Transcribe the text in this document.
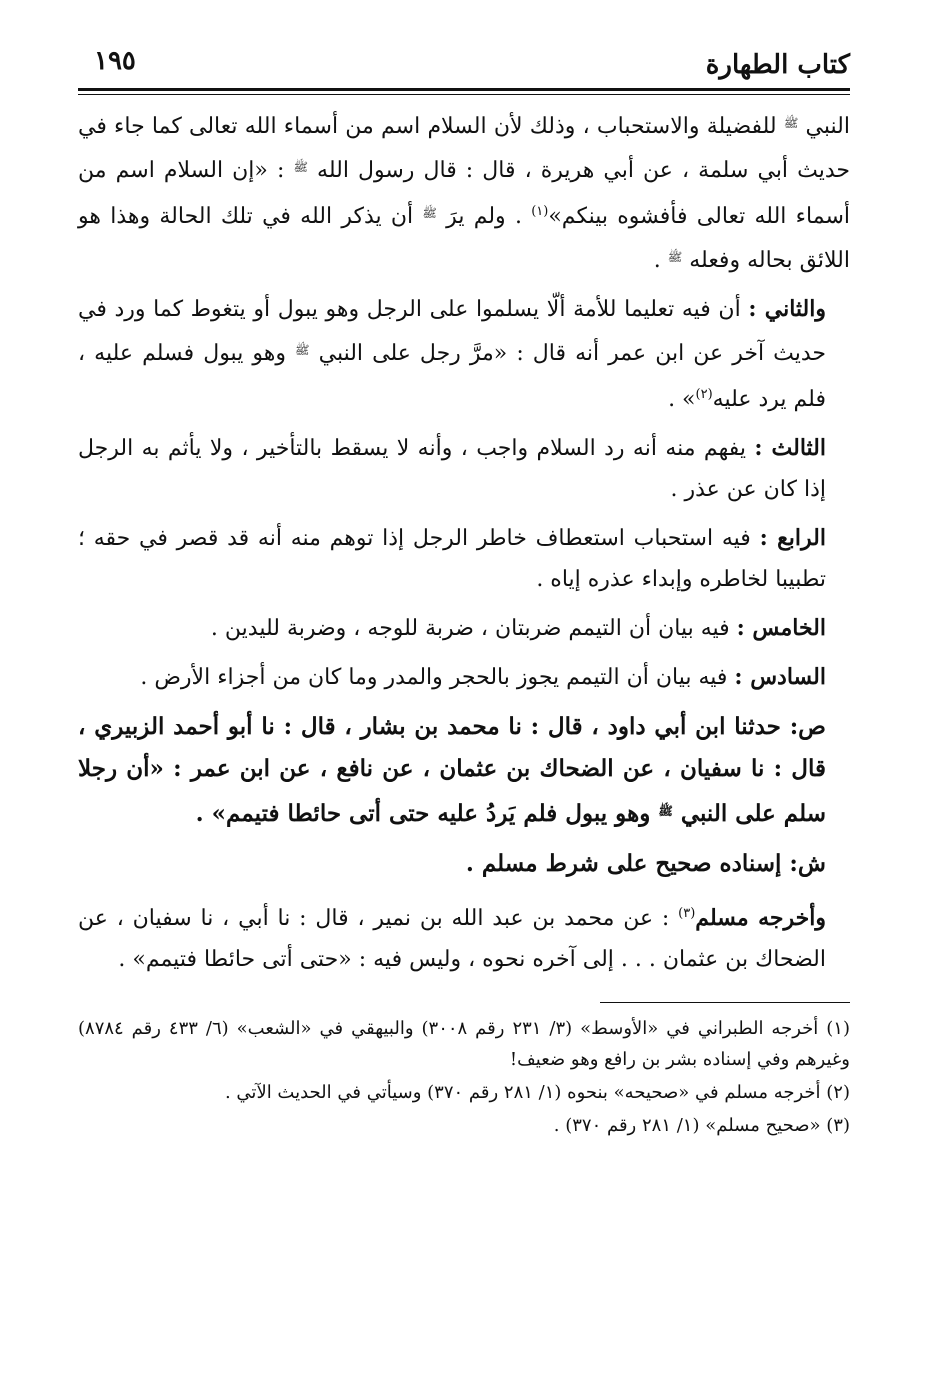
كتاب الطهارة
١٩٥

النبي $^ﷺ$ للفضيلة والاستحباب ، وذلك لأن السلام اسم من أسماء الله تعالى كما جاء في حديث أبي سلمة ، عن أبي هريرة ، قال : قال رسول الله $^ﷺ$ : «إن السلام اسم من أسماء الله تعالى فأفشوه بينكم»$^{(١)}$ . ولم يرَ $^ﷺ$ أن يذكر الله في تلك الحالة وهذا هو اللائق بحاله وفعله $^ﷺ$ .

والثاني : أن فيه تعليما للأمة ألّا يسلموا على الرجل وهو يبول أو يتغوط كما ورد في حديث آخر عن ابن عمر أنه قال : «مرَّ رجل على النبي $^ﷺ$ وهو يبول فسلم عليه ، فلم يرد عليه$^{(٢)}$» .

الثالث : يفهم منه أنه رد السلام واجب ، وأنه لا يسقط بالتأخير ، ولا يأثم به الرجل إذا كان عن عذر .

الرابع : فيه استحباب استعطاف خاطر الرجل إذا توهم منه أنه قد قصر في حقه ؛ تطبيبا لخاطره وإبداء عذره إياه .

الخامس : فيه بيان أن التيمم ضربتان ، ضربة للوجه ، وضربة لليدين .

السادس : فيه بيان أن التيمم يجوز بالحجر والمدر وما كان من أجزاء الأرض .

ص: حدثنا ابن أبي داود ، قال : نا محمد بن بشار ، قال : نا أبو أحمد الزبيري ، قال : نا سفيان ، عن الضحاك بن عثمان ، عن نافع ، عن ابن عمر : «أن رجلا سلم على النبي $^ﷺ$ وهو يبول فلم يَردُ عليه حتى أتى حائطا فتيمم» .

ش: إسناده صحيح على شرط مسلم .

وأخرجه مسلم$^{(٣)}$ : عن محمد بن عبد الله بن نمير ، قال : نا أبي ، نا سفيان ، عن الضحاك بن عثمان . . . إلى آخره نحوه ، وليس فيه : «حتى أتى حائطا فتيمم» .

(١) أخرجه الطبراني في «الأوسط» (٣/ ٢٣١ رقم ٣٠٠٨) والبيهقي في «الشعب» (٦/ ٤٣٣ رقم ٨٧٨٤) وغيرهم وفي إسناده بشر بن رافع وهو ضعيف!

(٢) أخرجه مسلم في «صحيحه» بنحوه (١/ ٢٨١ رقم ٣٧٠) وسيأتي في الحديث الآتي .

(٣) «صحيح مسلم» (١/ ٢٨١ رقم ٣٧٠) .
